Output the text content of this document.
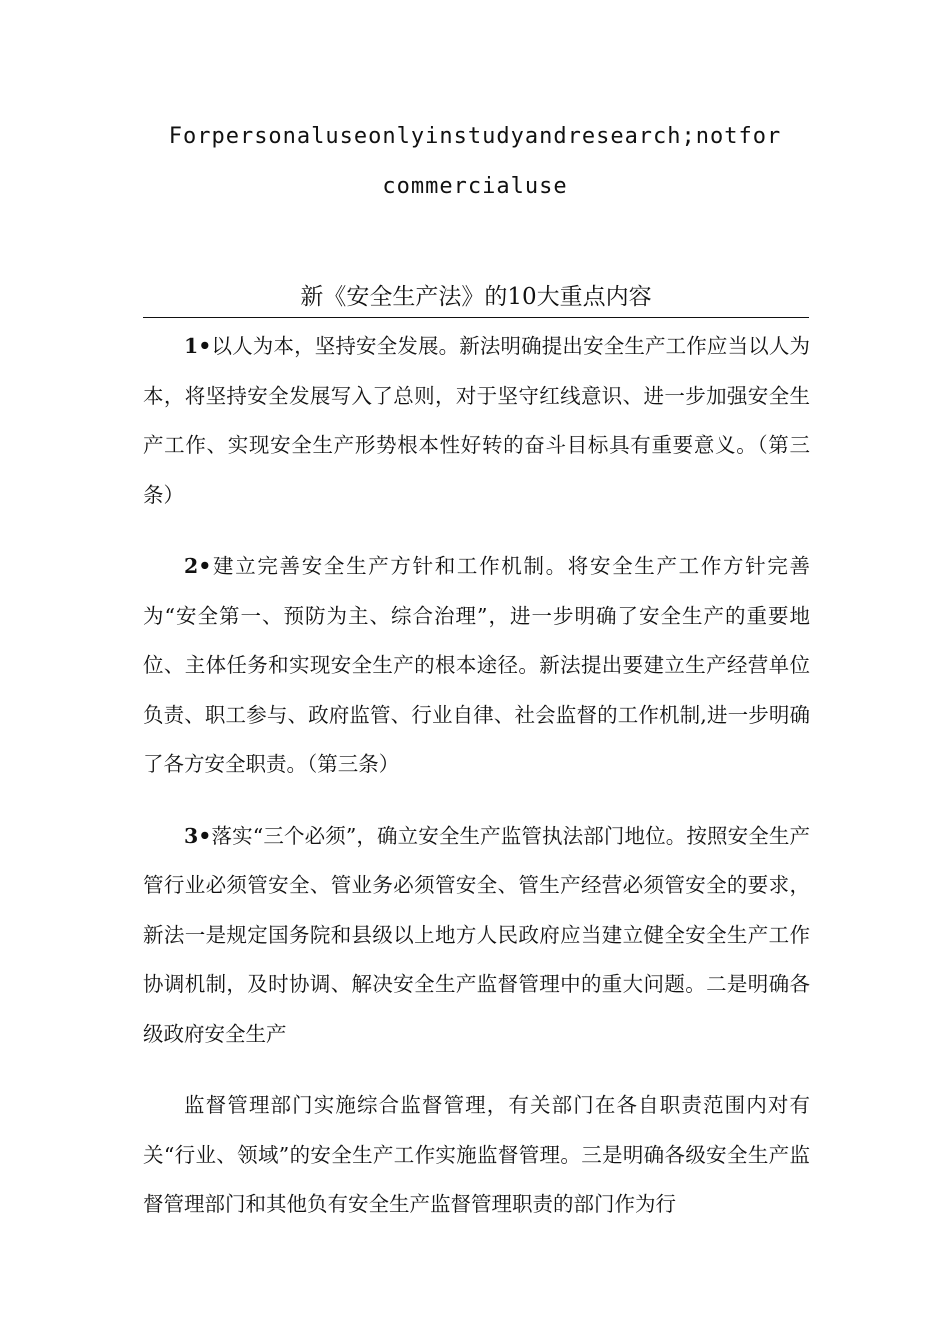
Forpersonaluseonlyinstudyandresearch;notfor
commercialuse
新《安全生产法》的10大重点内容

1•以人为本，坚持安全发展。新法明确提出安全生产工作应当以人为本，将坚持安全发展写入了总则，对于坚守红线意识、进一步加强安全生产工作、实现安全生产形势根本性好转的奋斗目标具有重要意义。（第三条）

2•建立完善安全生产方针和工作机制。将安全生产工作方针完善为“安全第一、预防为主、综合治理”，进一步明确了安全生产的重要地位、主体任务和实现安全生产的根本途径。新法提出要建立生产经营单位负责、职工参与、政府监管、行业自律、社会监督的工作机制,进一步明确了各方安全职责。（第三条）

3•落实“三个必须”，确立安全生产监管执法部门地位。按照安全生产管行业必须管安全、管业务必须管安全、管生产经营必须管安全的要求，新法一是规定国务院和县级以上地方人民政府应当建立健全安全生产工作协调机制，及时协调、解决安全生产监督管理中的重大问题。二是明确各级政府安全生产

监督管理部门实施综合监督管理，有关部门在各自职责范围内对有关“行业、领域”的安全生产工作实施监督管理。三是明确各级安全生产监督管理部门和其他负有安全生产监督管理职责的部门作为行
